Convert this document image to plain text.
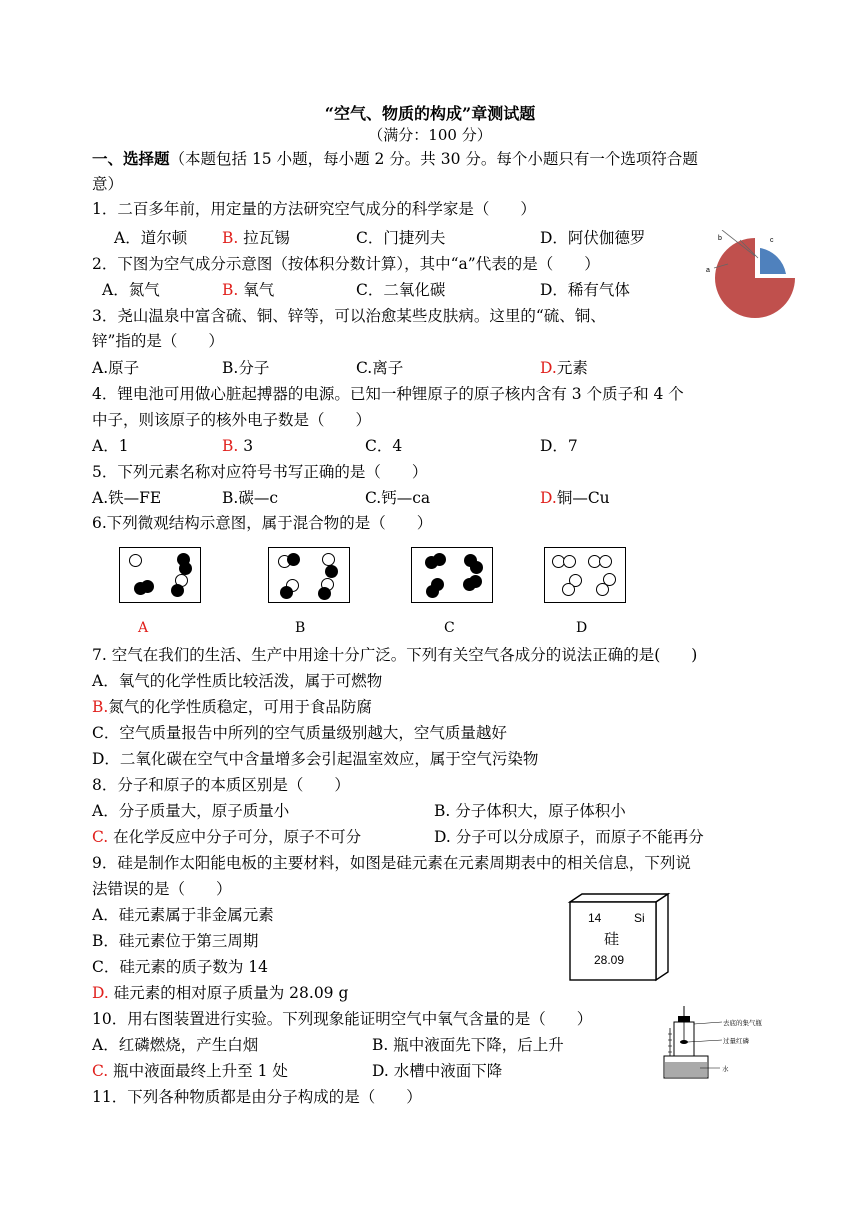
“空气、物质的构成”章测试题
（满分：100 分）
一、选择题（本题包括 15 小题，每小题 2 分。共 30 分。每个小题只有一个选项符合题
意）
1．二百多年前，用定量的方法研究空气成分的科学家是（　　）
A．道尔顿 B. 拉瓦锡	C．门捷列夫	D．阿伏伽德罗
2．下图为空气成分示意图（按体积分数计算），其中“a”代表的是（　　）
A．氮气	B. 氧气	C．二氧化碳	D．稀有气体
a
b	c
3．尧山温泉中富含硫、铜、锌等，可以治愈某些皮肤病。这里的“硫、铜、
锌”指的是（　　）
A.原子	B.分子	C.离子	D.元素
4．锂电池可用做心脏起搏器的电源。已知一种锂原子的原子核内含有 3 个质子和 4 个
中子，则该原子的核外电子数是（　　）
A．1	B. 3	C．4	D．7
5．下列元素名称对应符号书写正确的是（　　）
A.铁—FE	B.碳—c	C.钙—ca	D.铜—Cu
6.下列微观结构示意图，属于混合物的是（　　）
A	B	C	D
7. 空气在我们的生活、生产中用途十分广泛。下列有关空气各成分的说法正确的是(　　)
A．氧气的化学性质比较活泼，属于可燃物
B.氮气的化学性质稳定，可用于食品防腐
C．空气质量报告中所列的空气质量级别越大，空气质量越好
D．二氧化碳在空气中含量增多会引起温室效应，属于空气污染物
8．分子和原子的本质区别是（　　）
A．分子质量大，原子质量小	B. 分子体积大，原子体积小
C. 在化学反应中分子可分，原子不可分	D. 分子可以分成原子，而原子不能再分
9．硅是制作太阳能电板的主要材料，如图是硅元素在元素周期表中的相关信息，下列说
法错误的是（　　）
A．硅元素属于非金属元素
B．硅元素位于第三周期
C．硅元素的质子数为 14
D. 硅元素的相对原子质量为 28.09 g
14	Si
硅
28.09
10．用右图装置进行实验。下列现象能证明空气中氧气含量的是（　　）
A．红磷燃烧，产生白烟	B. 瓶中液面先下降，后上升
C. 瓶中液面最终上升至 1 处	D. 水槽中液面下降
去底的集气瓶
过量红磷
水
11．下列各种物质都是由分子构成的是（　　）
